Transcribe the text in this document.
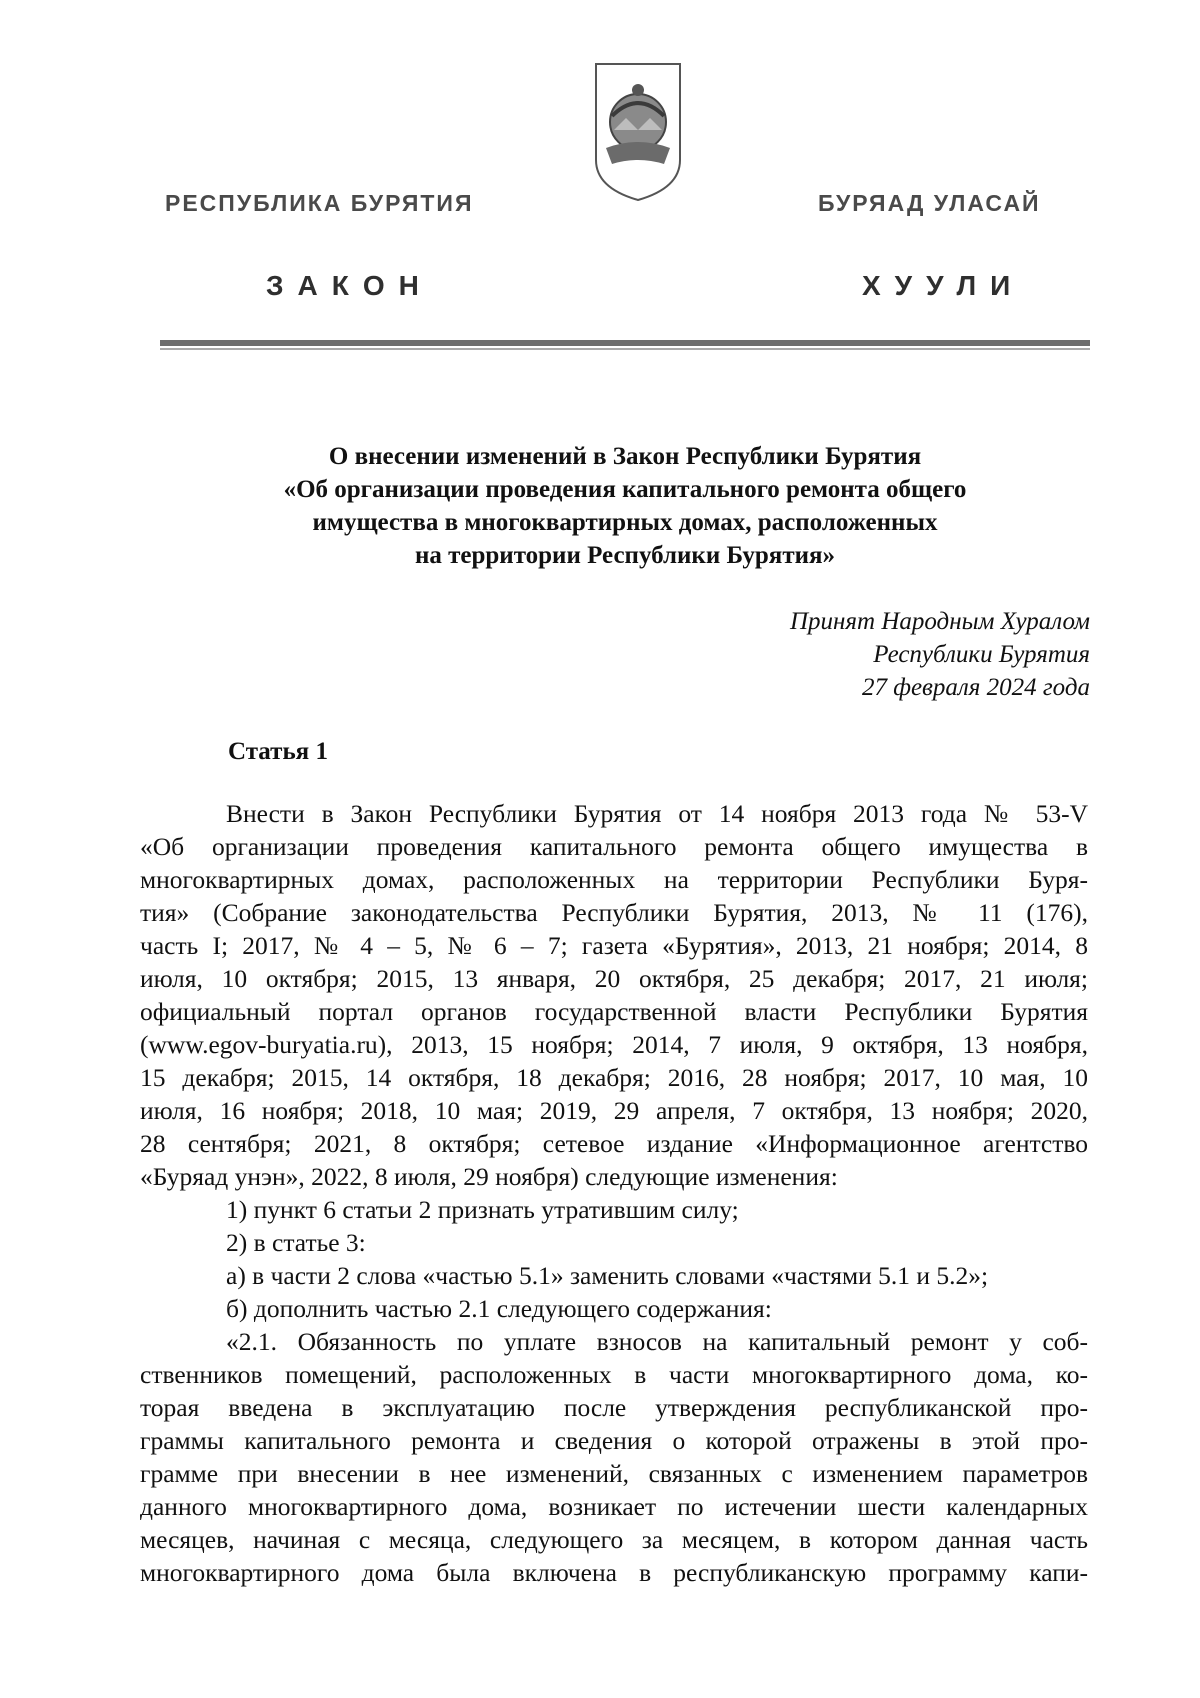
РЕСПУБЛИКА БУРЯТИЯ	БУРЯАД УЛАСАЙ
ЗАКОН	ХУУЛИ
О внесении изменений в Закон Республики Бурятия
«Об организации проведения капитального ремонта общего
имущества в многоквартирных домах, расположенных
на территории Республики Бурятия»
Принят Народным Хуралом
Республики Бурятия
27 февраля 2024 года
Статья 1
Внести в Закон Республики Бурятия от 14 ноября 2013 года № 53-V
«Об организации проведения капитального ремонта общего имущества в
многоквартирных домах, расположенных на территории Республики Буря-
тия» (Собрание законодательства Республики Бурятия, 2013, № 11 (176),
часть I; 2017, № 4 – 5, № 6 – 7; газета «Бурятия», 2013, 21 ноября; 2014, 8
июля, 10 октября; 2015, 13 января, 20 октября, 25 декабря; 2017, 21 июля;
официальный портал органов государственной власти Республики Бурятия
(www.egov-buryatia.ru), 2013, 15 ноября; 2014, 7 июля, 9 октября, 13 ноября,
15 декабря; 2015, 14 октября, 18 декабря; 2016, 28 ноября; 2017, 10 мая, 10
июля, 16 ноября; 2018, 10 мая; 2019, 29 апреля, 7 октября, 13 ноября; 2020,
28 сентября; 2021, 8 октября; сетевое издание «Информационное агентство
«Буряад унэн», 2022, 8 июля, 29 ноября) следующие изменения:
1) пункт 6 статьи 2 признать утратившим силу;
2) в статье 3:
а) в части 2 слова «частью 5.1» заменить словами «частями 5.1 и 5.2»;
б) дополнить частью 2.1 следующего содержания:
«2.1. Обязанность по уплате взносов на капитальный ремонт у соб-
ственников помещений, расположенных в части многоквартирного дома, ко-
торая введена в эксплуатацию после утверждения республиканской про-
граммы капитального ремонта и сведения о которой отражены в этой про-
грамме при внесении в нее изменений, связанных с изменением параметров
данного многоквартирного дома, возникает по истечении шести календарных
месяцев, начиная с месяца, следующего за месяцем, в котором данная часть
многоквартирного дома была включена в республиканскую программу капи-
